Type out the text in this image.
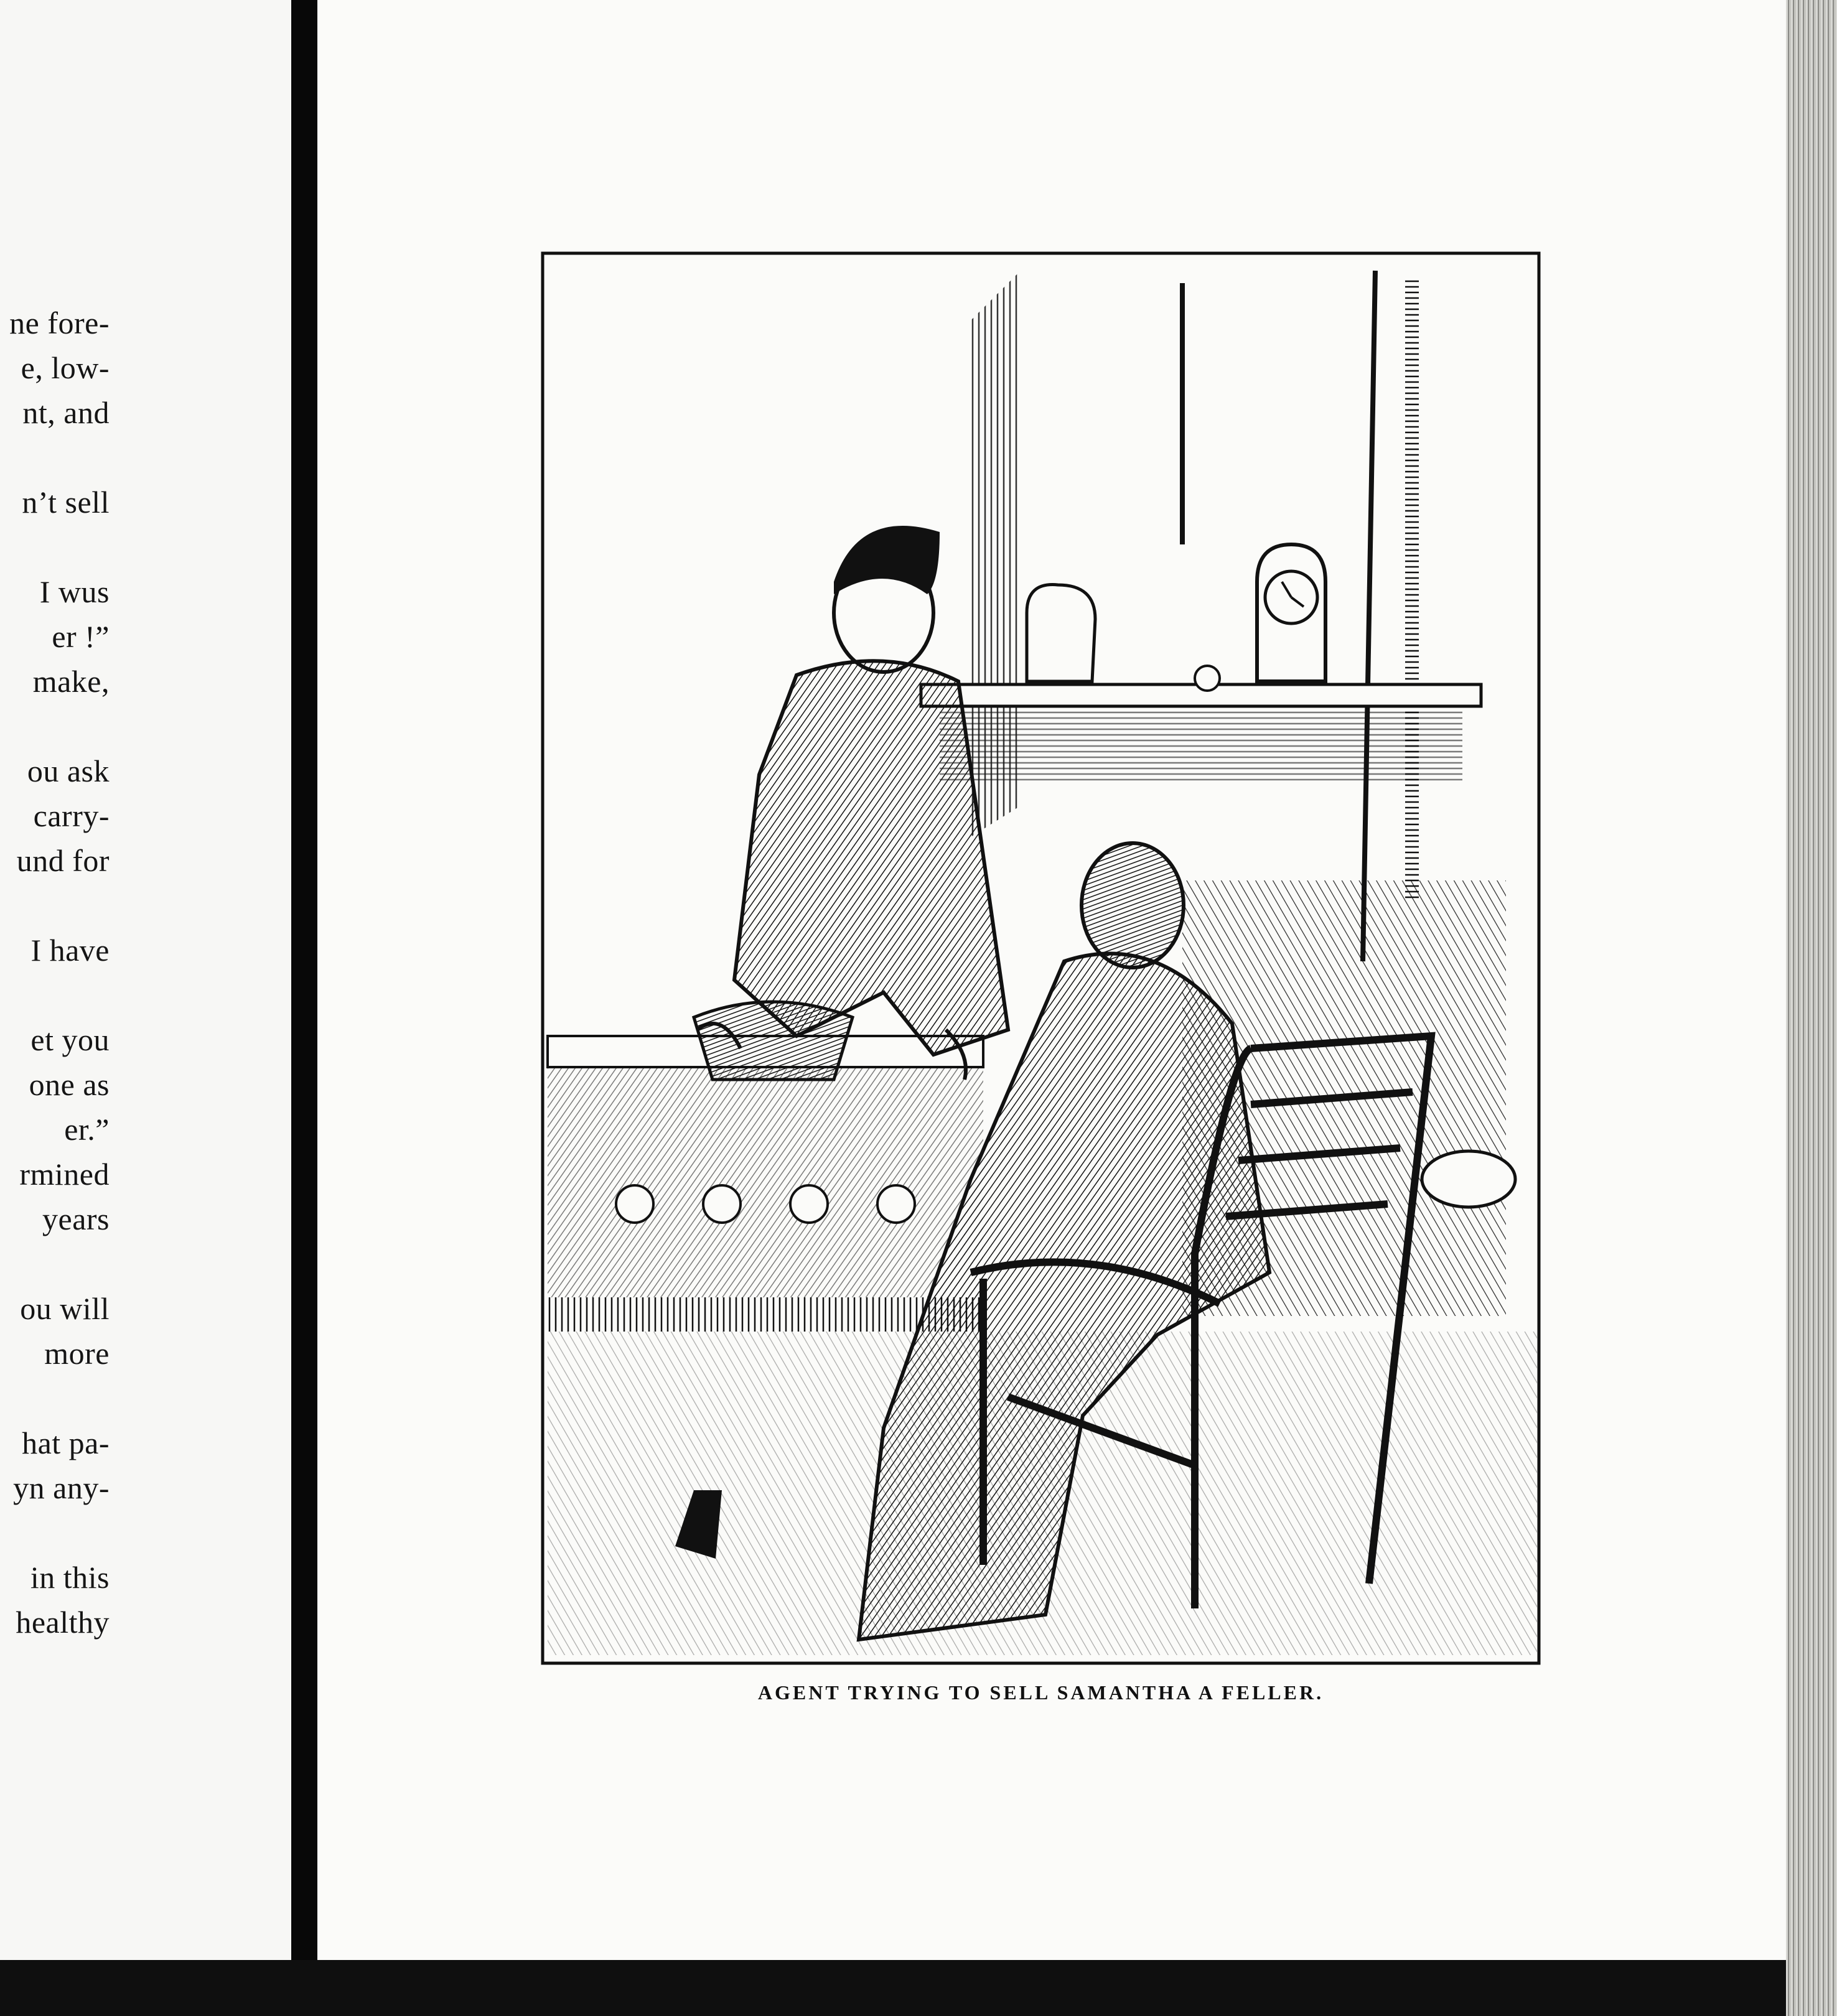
ne fore-
e, low-
nt, and
n’t sell
I wus
er !”
make,
ou ask
carry-
und for
I have
et you
one as
er.”
rmined
years
ou will
more
hat pa-
yn any-
in this
healthy
AGENT TRYING TO SELL SAMANTHA A FELLER.
